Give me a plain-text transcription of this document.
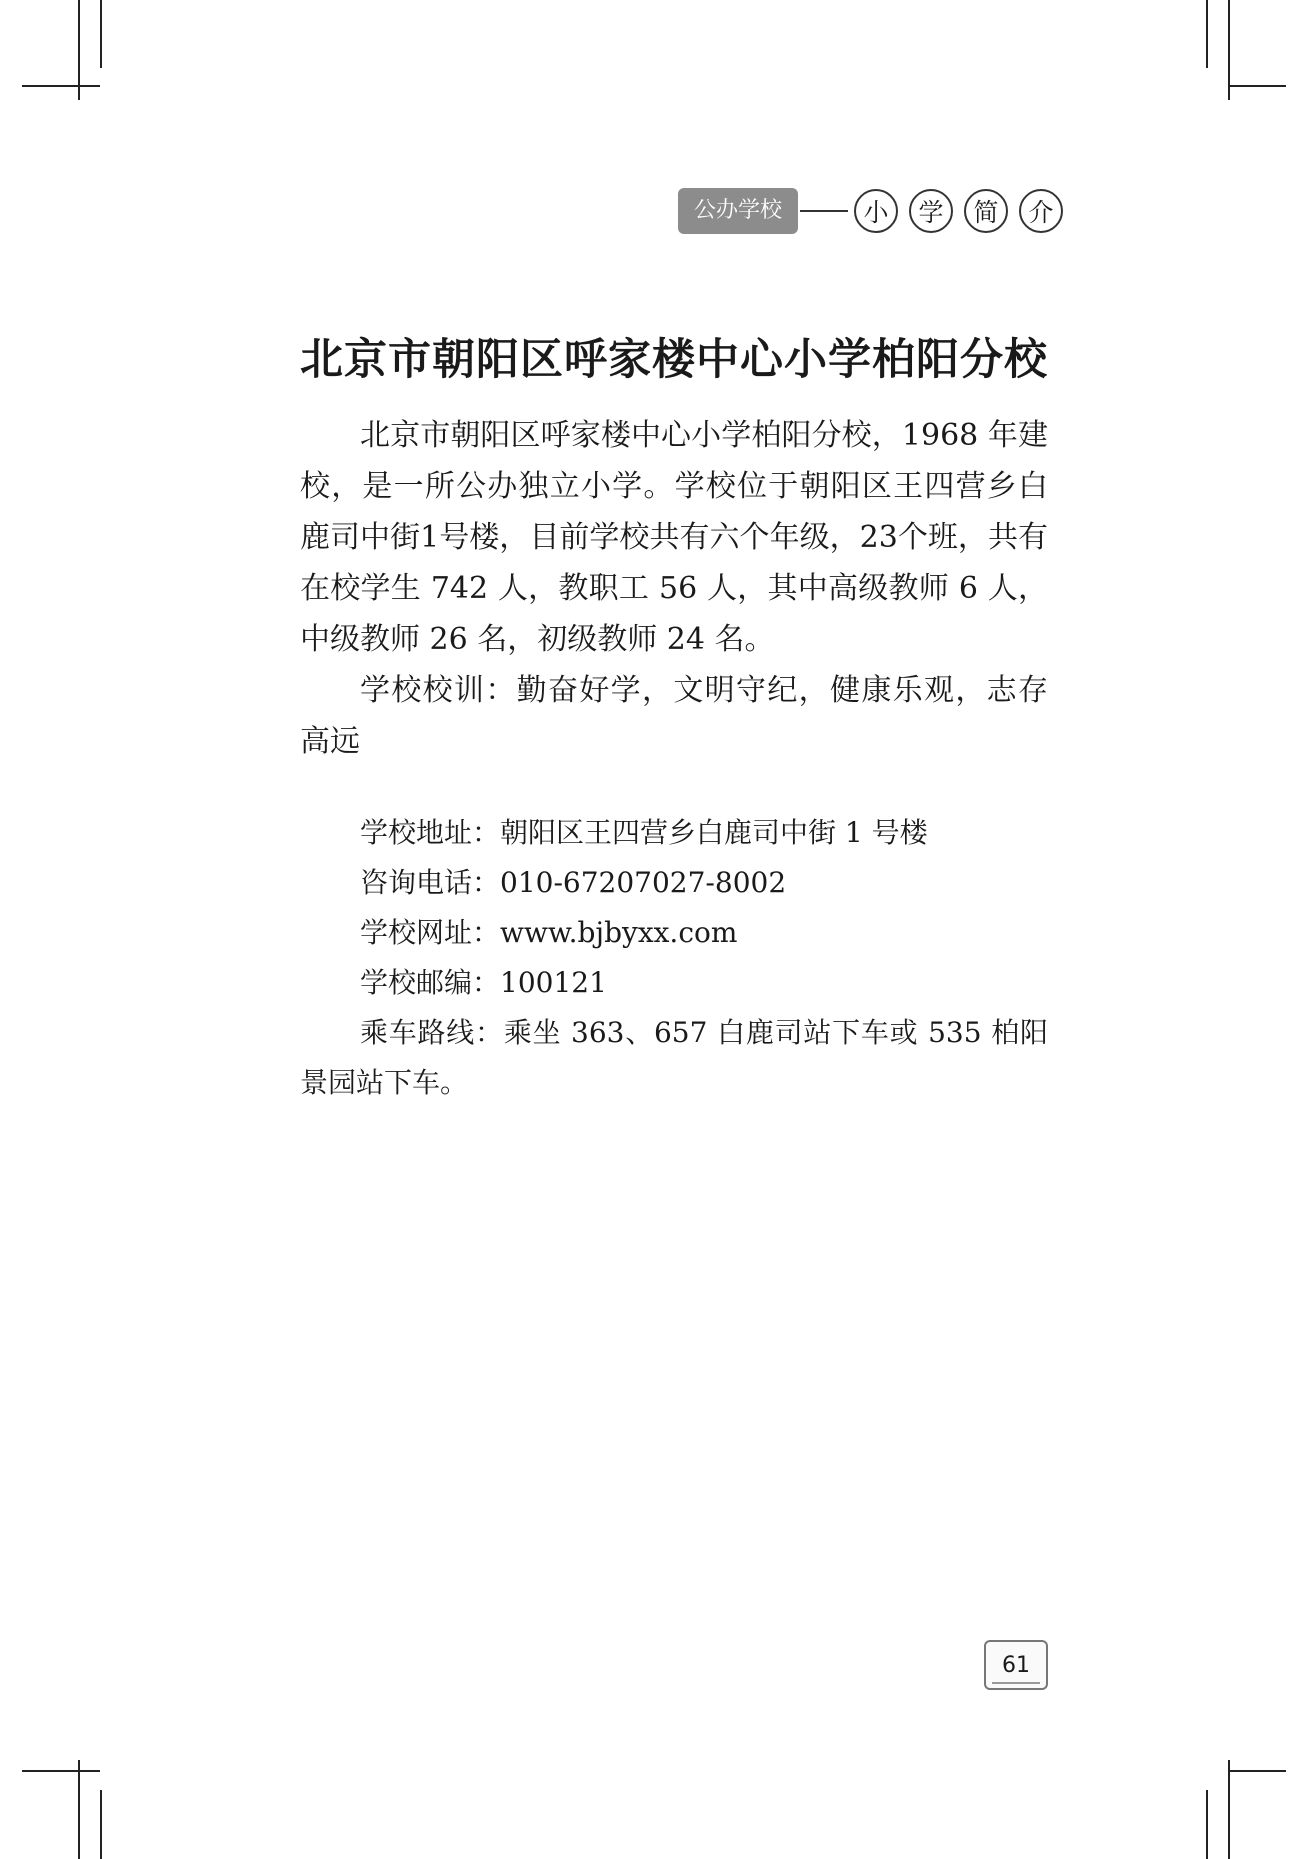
公办学校	小	学	简	介
北京市朝阳区呼家楼中心小学柏阳分校

北京市朝阳区呼家楼中心小学柏阳分校，1968 年建校，是一所公办独立小学。学校位于朝阳区王四营乡白鹿司中街1号楼，目前学校共有六个年级，23个班，共有在校学生 742 人，教职工 56 人，其中高级教师 6 人，中级教师 26 名，初级教师 24 名。

学校校训：勤奋好学，文明守纪，健康乐观，志存高远

学校地址：朝阳区王四营乡白鹿司中街 1 号楼
咨询电话：010-67207027-8002
学校网址：www.bjbyxx.com
学校邮编：100121
乘车路线：乘坐 363、657 白鹿司站下车或 535 柏阳景园站下车。
61
